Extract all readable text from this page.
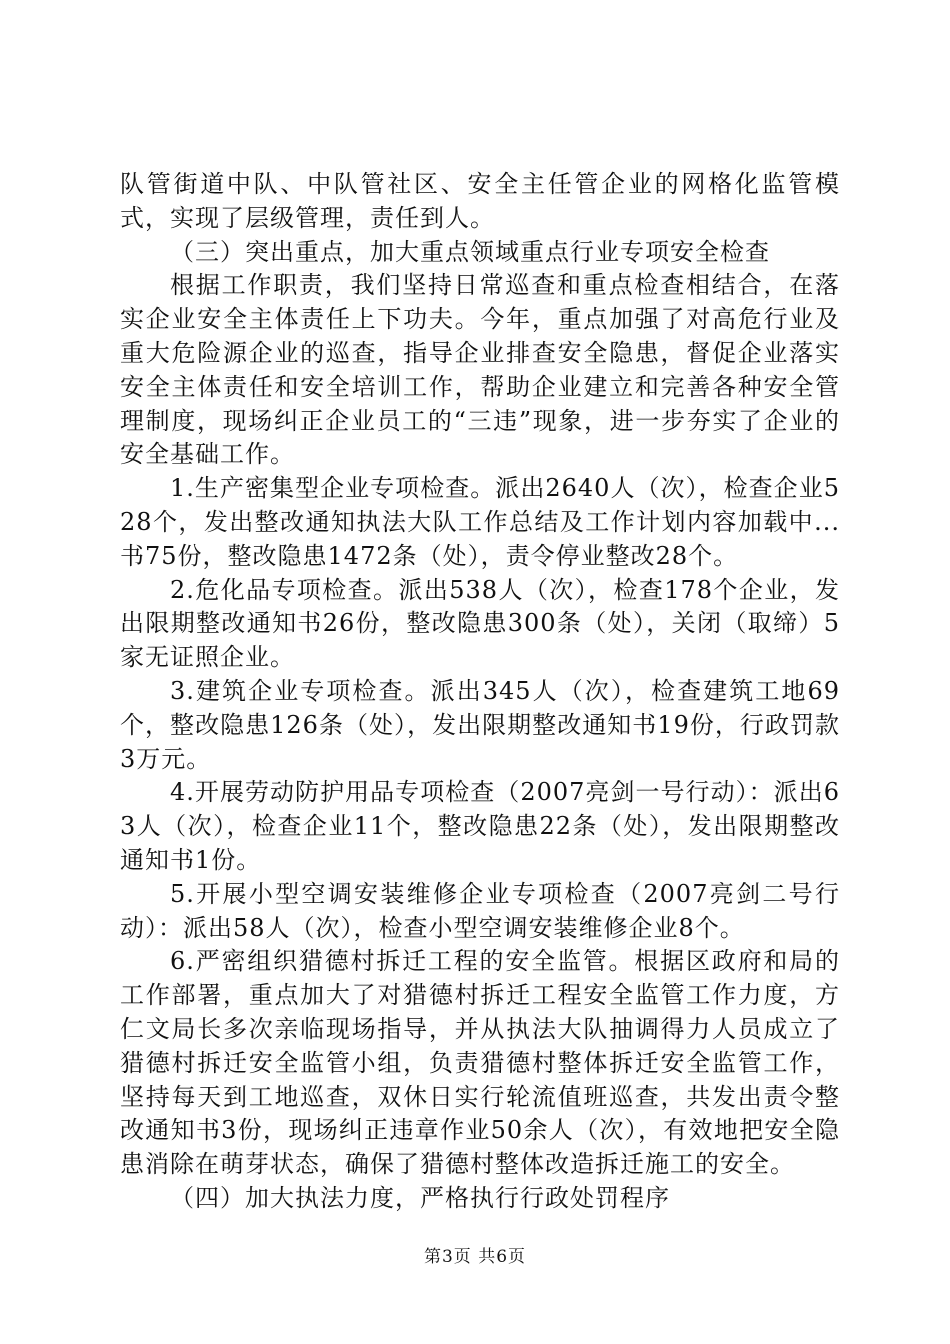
队管街道中队、中队管社区、安全主任管企业的网格化监管模式，实现了层级管理，责任到人。

（三）突出重点，加大重点领域重点行业专项安全检查

根据工作职责，我们坚持日常巡查和重点检查相结合，在落实企业安全主体责任上下功夫。今年，重点加强了对高危行业及重大危险源企业的巡查，指导企业排查安全隐患，督促企业落实安全主体责任和安全培训工作，帮助企业建立和完善各种安全管理制度，现场纠正企业员工的“三违”现象，进一步夯实了企业的安全基础工作。

1.生产密集型企业专项检查。派出2640人（次），检查企业528个，发出整改通知执法大队工作总结及工作计划内容加载中...书75份，整改隐患1472条（处），责令停业整改28个。

2.危化品专项检查。派出538人（次），检查178个企业，发出限期整改通知书26份，整改隐患300条（处），关闭（取缔）5家无证照企业。

3.建筑企业专项检查。派出345人（次），检查建筑工地69个，整改隐患126条（处），发出限期整改通知书19份，行政罚款3万元。

4.开展劳动防护用品专项检查（2007亮剑一号行动）：派出63人（次），检查企业11个，整改隐患22条（处），发出限期整改通知书1份。

5.开展小型空调安装维修企业专项检查（2007亮剑二号行动）：派出58人（次），检查小型空调安装维修企业8个。

6.严密组织猎德村拆迁工程的安全监管。根据区政府和局的工作部署，重点加大了对猎德村拆迁工程安全监管工作力度，方仁文局长多次亲临现场指导，并从执法大队抽调得力人员成立了猎德村拆迁安全监管小组，负责猎德村整体拆迁安全监管工作，坚持每天到工地巡查，双休日实行轮流值班巡查，共发出责令整改通知书3份，现场纠正违章作业50余人（次），有效地把安全隐患消除在萌芽状态，确保了猎德村整体改造拆迁施工的安全。

（四）加大执法力度，严格执行行政处罚程序

第3页 共6页
